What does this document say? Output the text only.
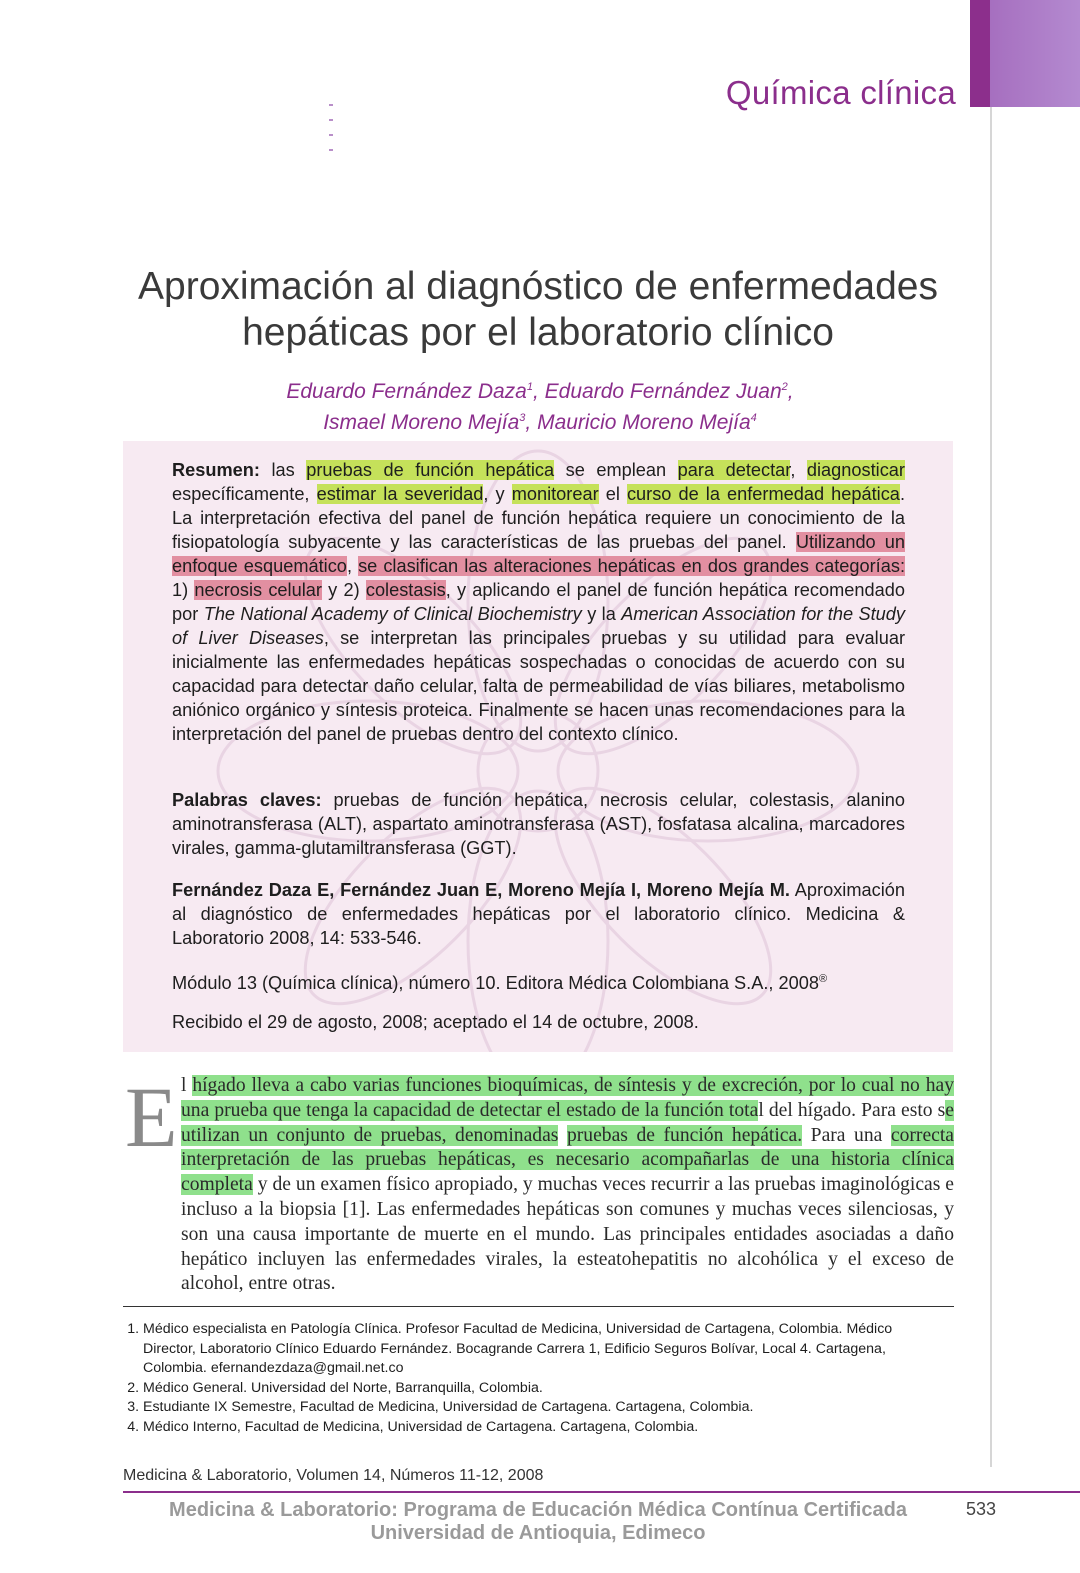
Química clínica
Aproximación al diagnóstico de enfermedades
hepáticas por el laboratorio clínico
Eduardo Fernández Daza$^1$, Eduardo Fernández Juan$^2$,
Ismael Moreno Mejía$^3$, Mauricio Moreno Mejía$^4$

Resumen: las pruebas de función hepática se emplean para detectar, diagnosticar específicamente, estimar la severidad, y monitorear el curso de la enfermedad hepática. La interpretación efectiva del panel de función hepática requiere un conocimiento de la fisiopatología subyacente y las características de las pruebas del panel. Utilizando un enfoque esquemático, se clasifican las alteraciones hepáticas en dos grandes categorías: 1) necrosis celular y 2) colestasis, y aplicando el panel de función hepática recomendado por The National Academy of Clinical Biochemistry y la American Association for the Study of Liver Diseases, se interpretan las principales pruebas y su utilidad para evaluar inicialmente las enfermedades hepáticas sospechadas o conocidas de acuerdo con su capacidad para detectar daño celular, falta de permeabilidad de vías biliares, metabolismo aniónico orgánico y síntesis proteica. Finalmente se hacen unas recomendaciones para la interpretación del panel de pruebas dentro del contexto clínico.

Palabras claves: pruebas de función hepática, necrosis celular, colestasis, alanino aminotransferasa (ALT), aspartato aminotransferasa (AST), fosfatasa alcalina, marcadores virales, gamma-glutamiltransferasa (GGT).
Fernández Daza E, Fernández Juan E, Moreno Mejía I, Moreno Mejía M. Aproximación al diagnóstico de enfermedades hepáticas por el laboratorio clínico. Medicina & Laboratorio 2008, 14: 533-546.
Módulo 13 (Química clínica), número 10. Editora Médica Colombiana S.A., 2008®
Recibido el 29 de agosto, 2008; aceptado el 14 de octubre, 2008.
E l hígado lleva a cabo varias funciones bioquímicas, de síntesis y de excreción, por lo cual no hay una prueba que tenga la capacidad de detectar el estado de la función total del hígado. Para esto se utilizan un conjunto de pruebas, denominadas pruebas de función hepática. Para una correcta interpretación de las pruebas hepáticas, es necesario acompañarlas de una historia clínica completa y de un examen físico apropiado, y muchas veces recurrir a las pruebas imaginológicas e incluso a la biopsia [1]. Las enfermedades hepáticas son comunes y muchas veces silenciosas, y son una causa importante de muerte en el mundo. Las principales entidades asociadas a daño hepático incluyen las enfermedades virales, la esteatohepatitis no alcohólica y el exceso de alcohol, entre otras.
1. Médico especialista en Patología Clínica. Profesor Facultad de Medicina, Universidad de Cartagena, Colombia. Médico Director, Laboratorio Clínico Eduardo Fernández. Bocagrande Carrera 1, Edificio Seguros Bolívar, Local 4. Cartagena, Colombia. efernandezdaza@gmail.net.co
2. Médico General. Universidad del Norte, Barranquilla, Colombia.
3. Estudiante IX Semestre, Facultad de Medicina, Universidad de Cartagena. Cartagena, Colombia.
4. Médico Interno, Facultad de Medicina, Universidad de Cartagena. Cartagena, Colombia.
Medicina & Laboratorio, Volumen 14, Números 11-12, 2008
Medicina & Laboratorio: Programa de Educación Médica Contínua Certificada
Universidad de Antioquia, Edimeco
533
